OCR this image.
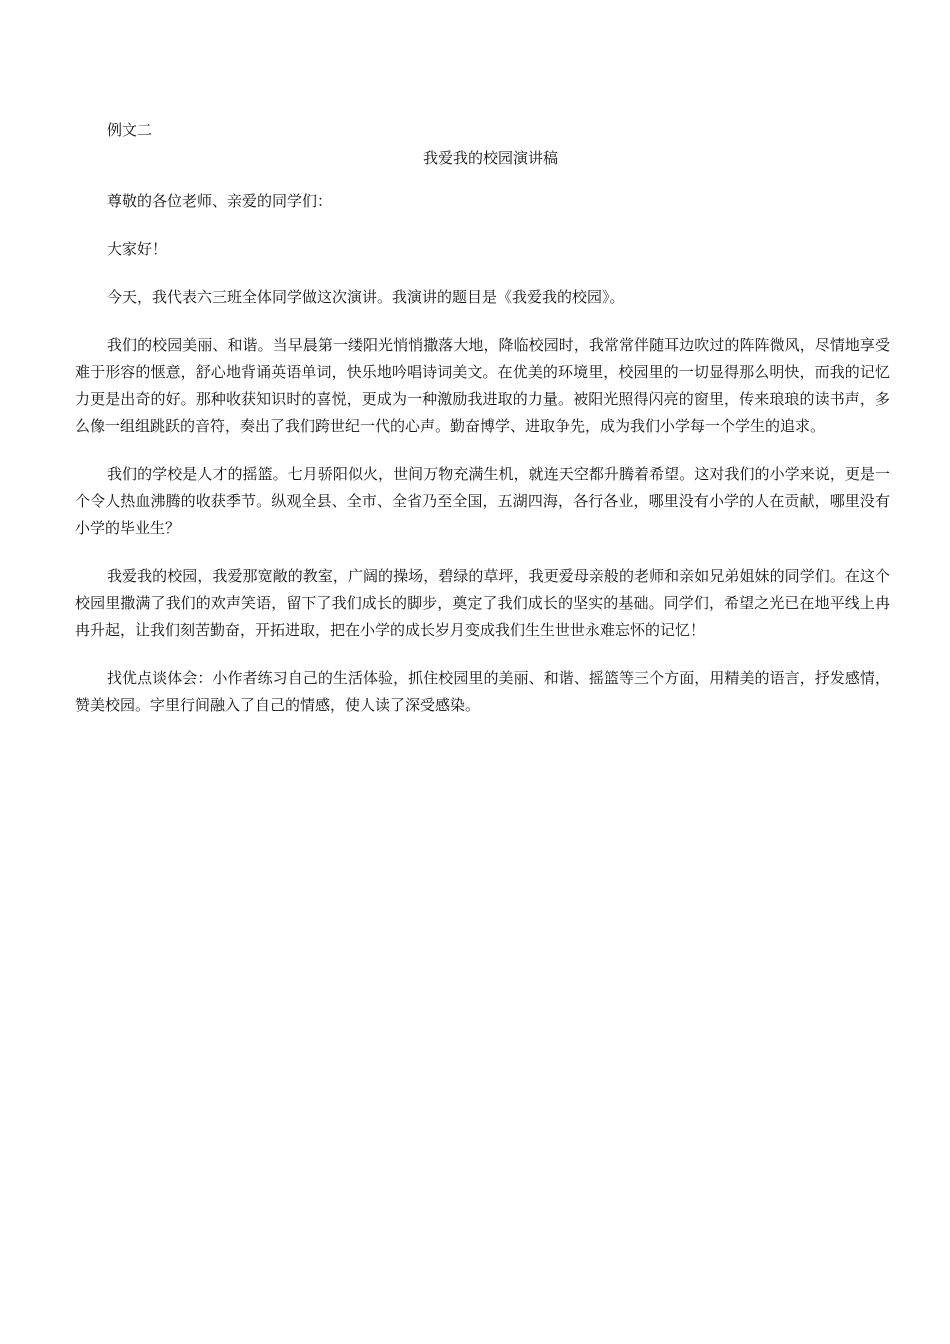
例文二
我爱我的校园演讲稿

尊敬的各位老师、亲爱的同学们：

大家好！

今天，我代表六三班全体同学做这次演讲。我演讲的题目是《我爱我的校园》。

我们的校园美丽、和谐。当早晨第一缕阳光悄悄撒落大地，降临校园时，我常常伴随耳边吹过的阵阵微风，尽情地享受难于形容的惬意，舒心地背诵英语单词，快乐地吟唱诗词美文。在优美的环境里，校园里的一切显得那么明快，而我的记忆力更是出奇的好。那种收获知识时的喜悦，更成为一种激励我进取的力量。被阳光照得闪亮的窗里，传来琅琅的读书声，多么像一组组跳跃的音符，奏出了我们跨世纪一代的心声。勤奋博学、进取争先，成为我们小学每一个学生的追求。

我们的学校是人才的摇篮。七月骄阳似火，世间万物充满生机，就连天空都升腾着希望。这对我们的小学来说，更是一个令人热血沸腾的收获季节。纵观全县、全市、全省乃至全国，五湖四海，各行各业，哪里没有小学的人在贡献，哪里没有小学的毕业生？

我爱我的校园，我爱那宽敞的教室，广阔的操场，碧绿的草坪，我更爱母亲般的老师和亲如兄弟姐妹的同学们。在这个校园里撒满了我们的欢声笑语，留下了我们成长的脚步，奠定了我们成长的坚实的基础。同学们，希望之光已在地平线上冉冉升起，让我们刻苦勤奋，开拓进取，把在小学的成长岁月变成我们生生世世永难忘怀的记忆！

找优点谈体会：小作者练习自己的生活体验，抓住校园里的美丽、和谐、摇篮等三个方面，用精美的语言，抒发感情，赞美校园。字里行间融入了自己的情感，使人读了深受感染。
